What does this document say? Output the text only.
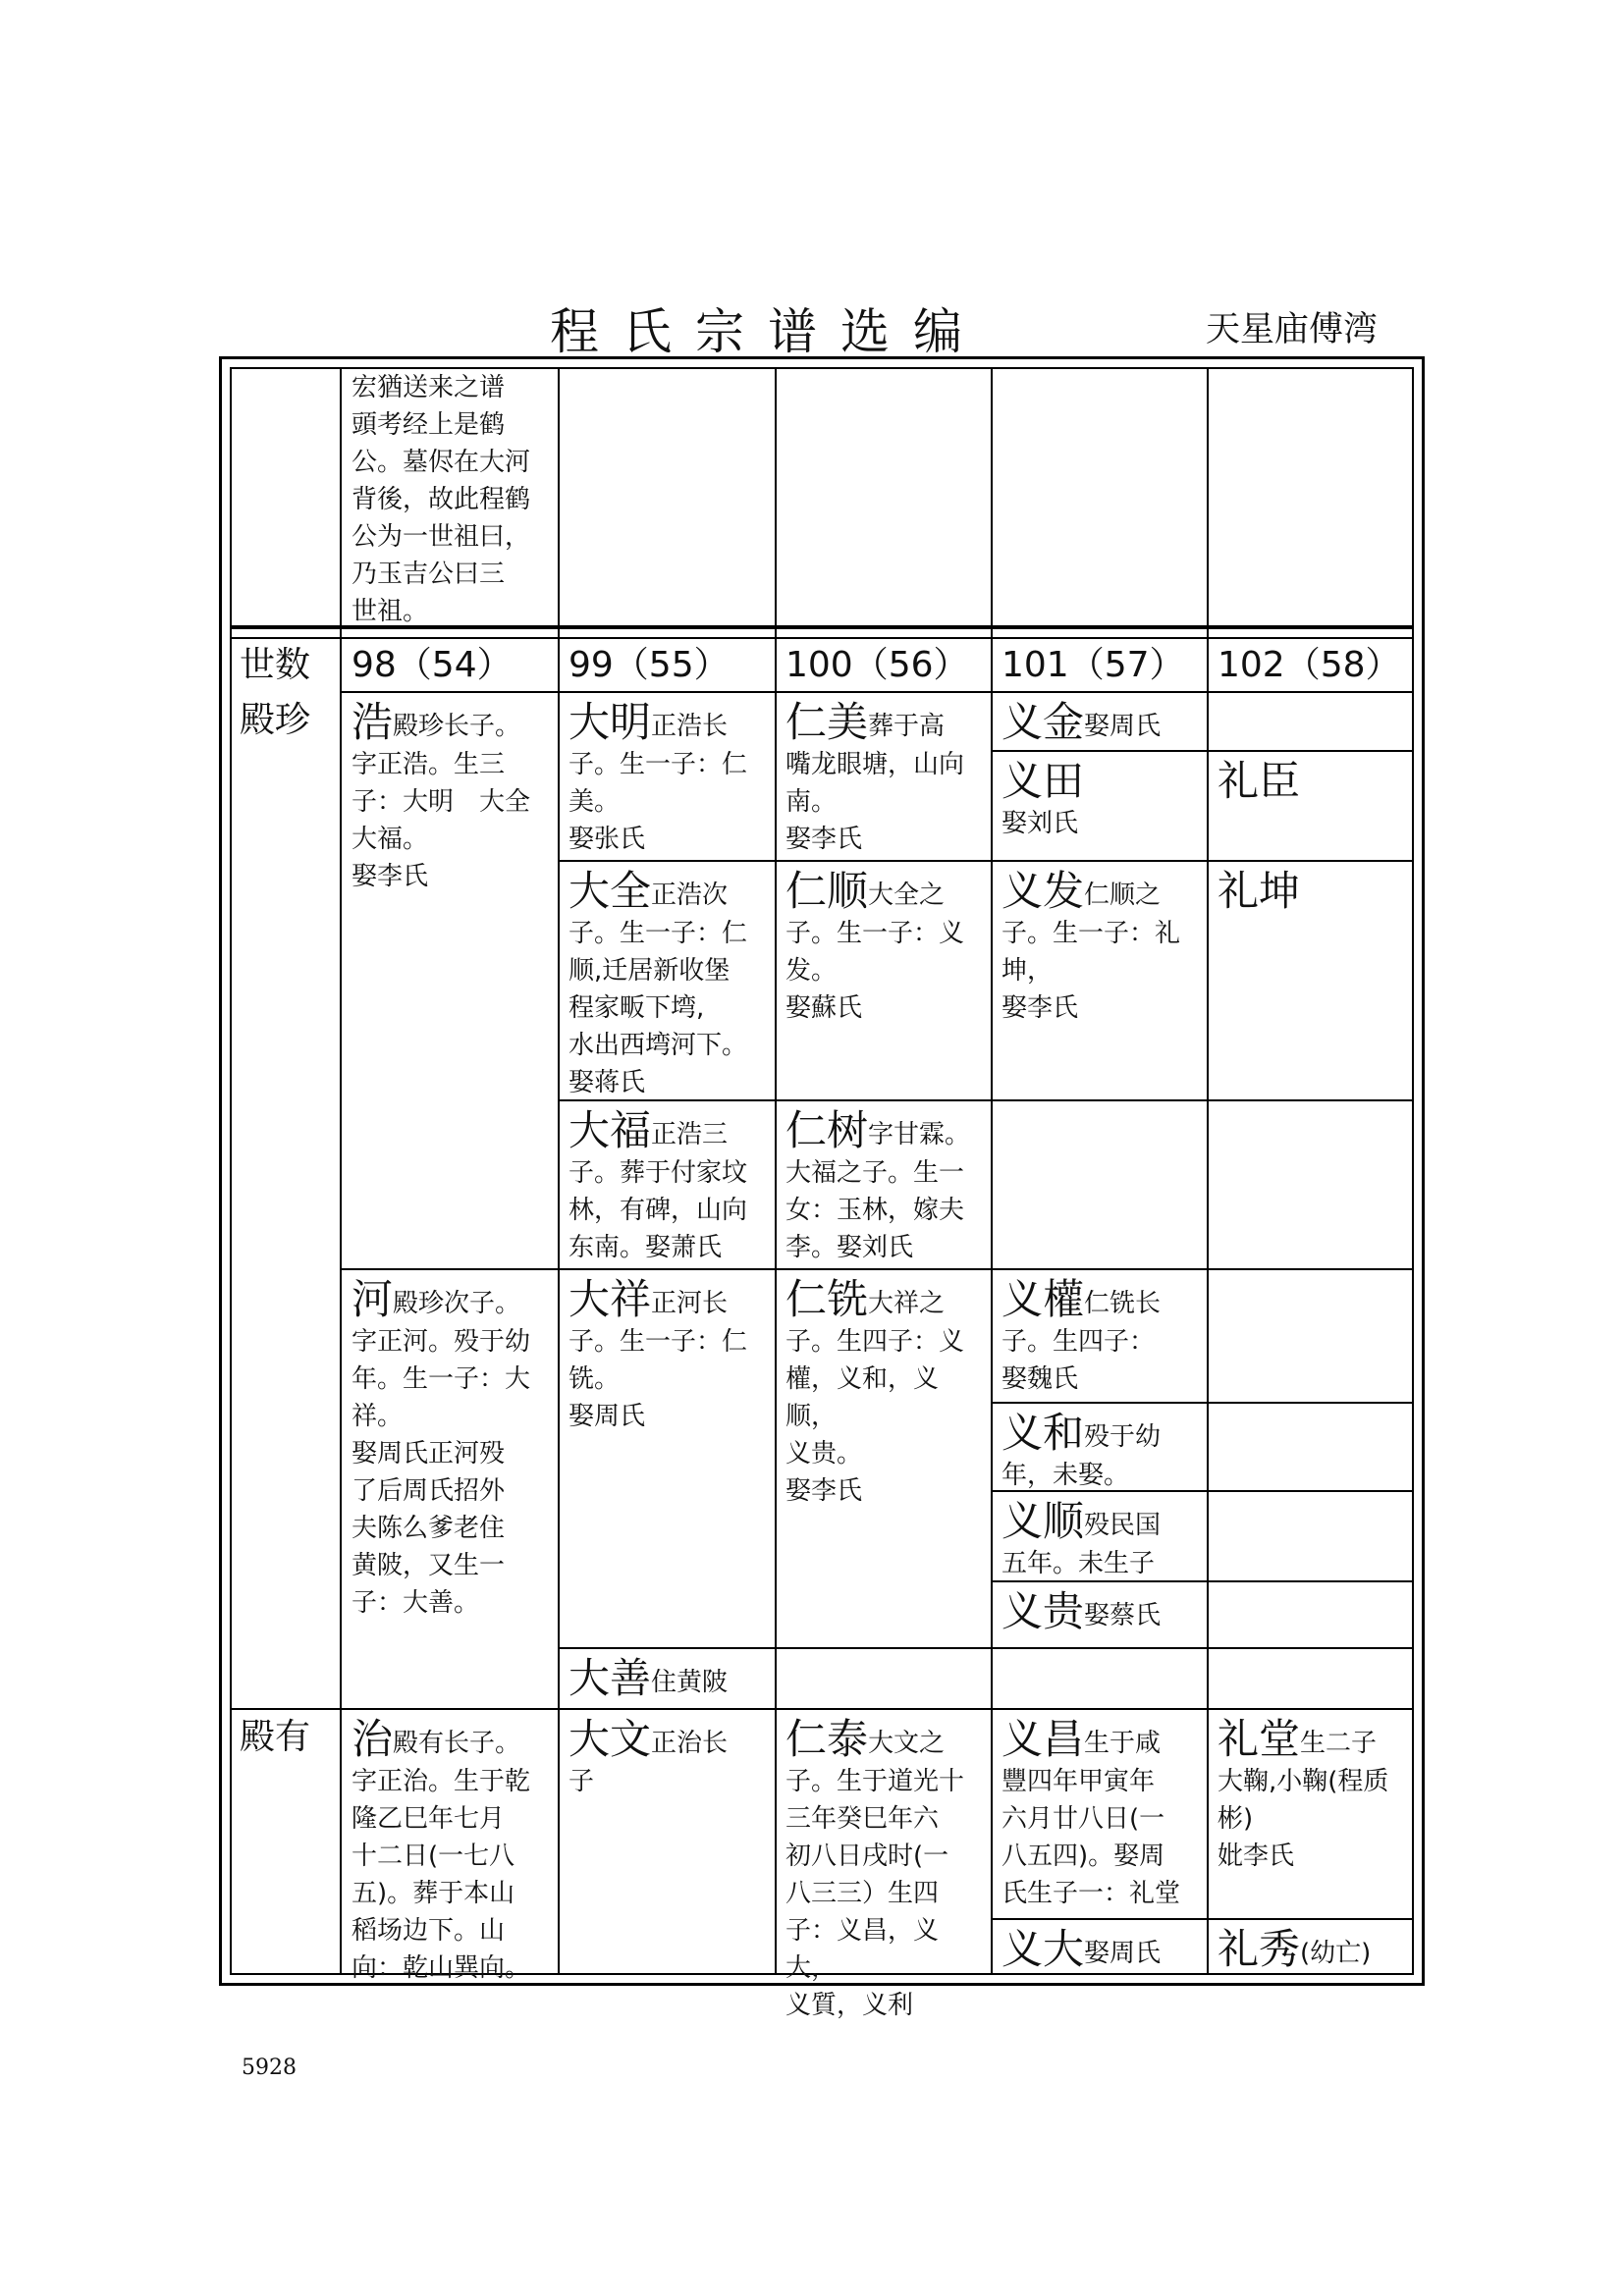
程氏宗谱选编	天星庙傅湾
宏猶送来之谱
頭考经上是鹤
公。墓侭在大河
背後，故此程鹤
公为一世祖曰，
乃玉吉公曰三
世祖。
世数 98（54） 99（55） 100（56） 101（57） 102（58）
殿珍
殿有
浩殿珍长子。
字正浩。生三
子：大明　大全
大福。
娶李氏
河殿珍次子。
字正河。殁于幼
年。生一子：大
祥。
娶周氏正河殁
了后周氏招外
夫陈么爹老住
黄陂，又生一
子：大善。
治殿有长子。
字正治。生于乾
隆乙巳年七月
十二日(一七八
五)。葬于本山
稻场边下。山
向：乾山巽向。
大明正浩长
子。生一子：仁
美。
娶张氏
大全正浩次
子。生一子：仁
顺,迁居新收堡
程家畈下塆,
水出西塆河下。
娶蒋氏
大福正浩三
子。葬于付家坟
林，有碑，山向
东南。娶萧氏
大祥正河长
子。生一子：仁
铣。
娶周氏
大善住黄陂
大文正治长
子
仁美葬于高
嘴龙眼塘，山向
南。
娶李氏
仁顺大全之
子。生一子：义
发。
娶蘇氏
仁树字甘霖。
大福之子。生一
女：玉林，嫁夫
李。娶刘氏
仁铣大祥之
子。生四子：义
權，义和，义顺，
义贵。
娶李氏
仁泰大文之
子。生于道光十
三年癸巳年六
初八日戌时(一
八三三）生四
子：义昌，义大，
义質，义利
义金娶周氏
义田
娶刘氏
义发仁顺之
子。生一子：礼
坤，
娶李氏
义權仁铣长
子。生四子：
娶魏氏
义和殁于幼
年，未娶。
义顺殁民国
五年。未生子
义贵娶蔡氏
义昌生于咸
豐四年甲寅年
六月廿八日(一
八五四)。娶周
氏生子一：礼堂
义大娶周氏
礼臣
礼坤
礼堂生二子
大鞠,小鞠(程质
彬)
妣李氏
礼秀(幼亡)
5928
